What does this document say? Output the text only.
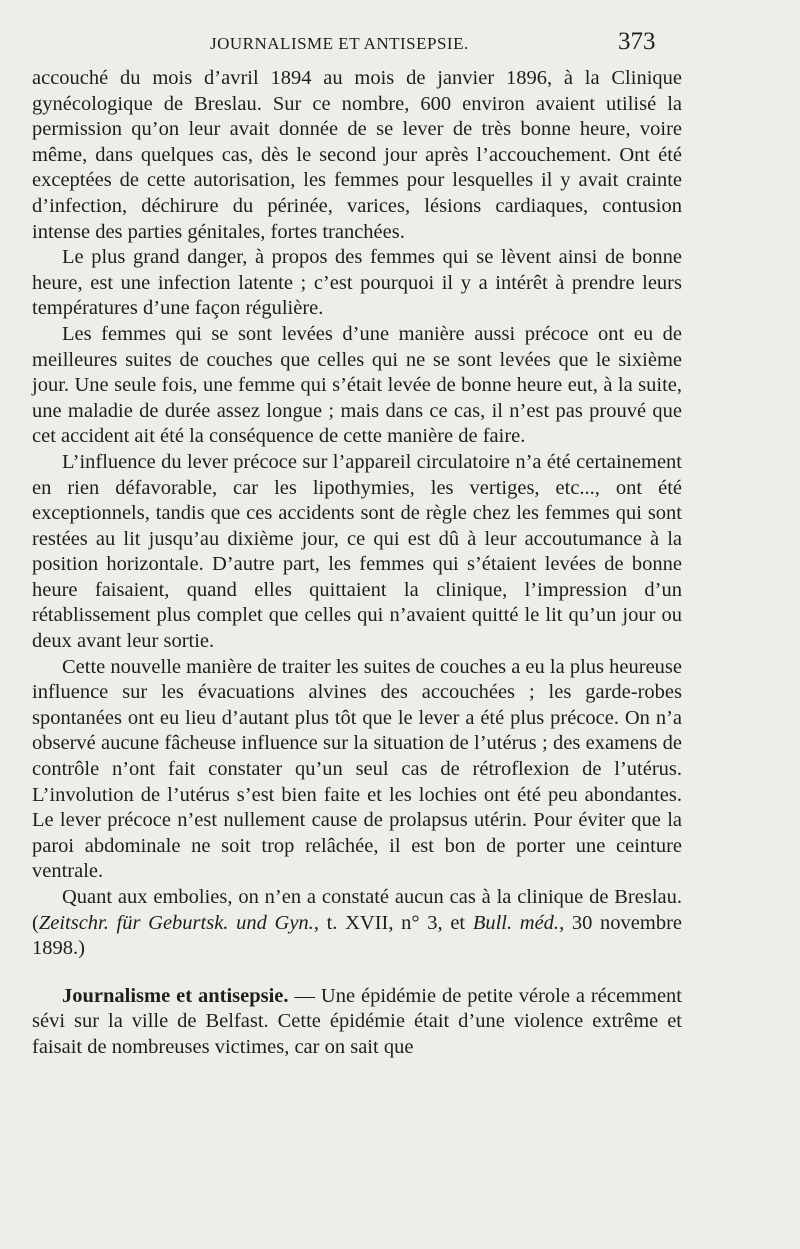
JOURNALISME ET ANTISEPSIE.	373

accouché du mois d’avril 1894 au mois de janvier 1896, à la Clinique gynécologique de Breslau. Sur ce nombre, 600 environ avaient utilisé la permission qu’on leur avait donnée de se lever de très bonne heure, voire même, dans quelques cas, dès le second jour après l’accouchement. Ont été exceptées de cette autorisation, les femmes pour lesquelles il y avait crainte d’infection, déchirure du périnée, varices, lésions cardiaques, contusion intense des parties génitales, fortes tranchées.

Le plus grand danger, à propos des femmes qui se lèvent ainsi de bonne heure, est une infection latente ; c’est pourquoi il y a intérêt à prendre leurs températures d’une façon régulière.

Les femmes qui se sont levées d’une manière aussi précoce ont eu de meilleures suites de couches que celles qui ne se sont levées que le sixième jour. Une seule fois, une femme qui s’était levée de bonne heure eut, à la suite, une maladie de durée assez longue ; mais dans ce cas, il n’est pas prouvé que cet accident ait été la conséquence de cette manière de faire.

L’influence du lever précoce sur l’appareil circulatoire n’a été certainement en rien défavorable, car les lipothymies, les vertiges, etc..., ont été exceptionnels, tandis que ces accidents sont de règle chez les femmes qui sont restées au lit jusqu’au dixième jour, ce qui est dû à leur accoutumance à la position horizontale. D’autre part, les femmes qui s’étaient levées de bonne heure faisaient, quand elles quittaient la clinique, l’impression d’un rétablissement plus complet que celles qui n’avaient quitté le lit qu’un jour ou deux avant leur sortie.

Cette nouvelle manière de traiter les suites de couches a eu la plus heureuse influence sur les évacuations alvines des accouchées ; les garde-robes spontanées ont eu lieu d’autant plus tôt que le lever a été plus précoce. On n’a observé aucune fâcheuse influence sur la situation de l’utérus ; des examens de contrôle n’ont fait constater qu’un seul cas de rétroflexion de l’utérus. L’involution de l’utérus s’est bien faite et les lochies ont été peu abondantes. Le lever précoce n’est nullement cause de prolapsus utérin. Pour éviter que la paroi abdominale ne soit trop relâchée, il est bon de porter une ceinture ventrale.

Quant aux embolies, on n’en a constaté aucun cas à la clinique de Breslau. (Zeitschr. für Geburtsk. und Gyn., t. XVII, n° 3, et Bull. méd., 30 novembre 1898.)

Journalisme et antisepsie. — Une épidémie de petite vérole a récemment sévi sur la ville de Belfast. Cette épidémie était d’une violence extrême et faisait de nombreuses victimes, car on sait que
